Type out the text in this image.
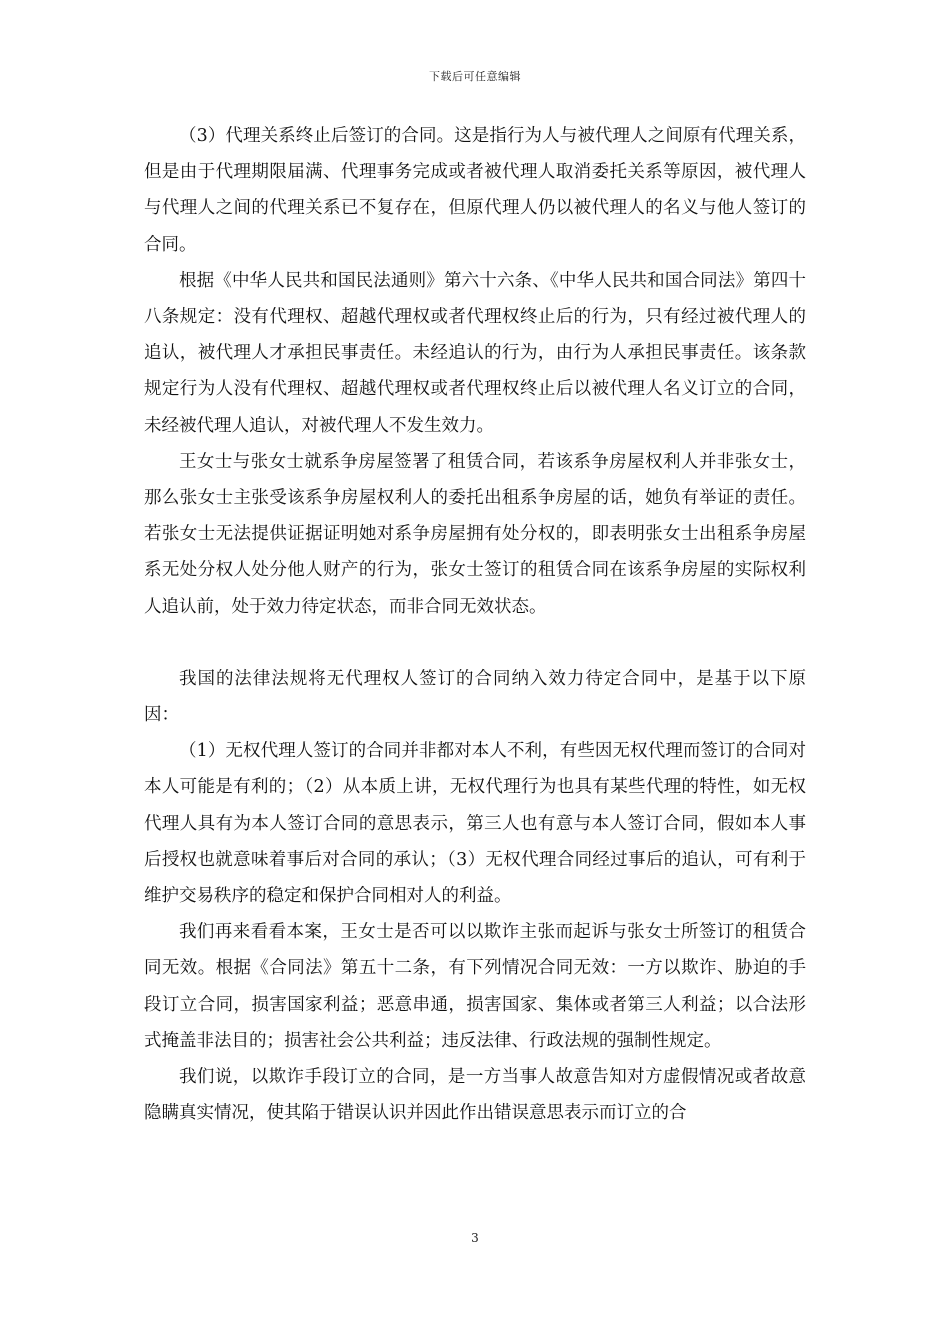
下载后可任意编辑

（3）代理关系终止后签订的合同。这是指行为人与被代理人之间原有代理关系，但是由于代理期限届满、代理事务完成或者被代理人取消委托关系等原因，被代理人与代理人之间的代理关系已不复存在，但原代理人仍以被代理人的名义与他人签订的合同。

根据《中华人民共和国民法通则》第六十六条、《中华人民共和国合同法》第四十八条规定：没有代理权、超越代理权或者代理权终止后的行为，只有经过被代理人的追认，被代理人才承担民事责任。未经追认的行为，由行为人承担民事责任。该条款规定行为人没有代理权、超越代理权或者代理权终止后以被代理人名义订立的合同，未经被代理人追认，对被代理人不发生效力。

王女士与张女士就系争房屋签署了租赁合同，若该系争房屋权利人并非张女士，那么张女士主张受该系争房屋权利人的委托出租系争房屋的话，她负有举证的责任。若张女士无法提供证据证明她对系争房屋拥有处分权的，即表明张女士出租系争房屋系无处分权人处分他人财产的行为，张女士签订的租赁合同在该系争房屋的实际权利人追认前，处于效力待定状态，而非合同无效状态。

我国的法律法规将无代理权人签订的合同纳入效力待定合同中，是基于以下原因：

（1）无权代理人签订的合同并非都对本人不利，有些因无权代理而签订的合同对本人可能是有利的；（2）从本质上讲，无权代理行为也具有某些代理的特性，如无权代理人具有为本人签订合同的意思表示，第三人也有意与本人签订合同，假如本人事后授权也就意味着事后对合同的承认；（3）无权代理合同经过事后的追认，可有利于维护交易秩序的稳定和保护合同相对人的利益。

我们再来看看本案，王女士是否可以以欺诈主张而起诉与张女士所签订的租赁合同无效。根据《合同法》第五十二条，有下列情况合同无效：一方以欺诈、胁迫的手段订立合同，损害国家利益；恶意串通，损害国家、集体或者第三人利益；以合法形式掩盖非法目的；损害社会公共利益；违反法律、行政法规的强制性规定。

我们说，以欺诈手段订立的合同，是一方当事人故意告知对方虚假情况或者故意隐瞒真实情况，使其陷于错误认识并因此作出错误意思表示而订立的合

3
